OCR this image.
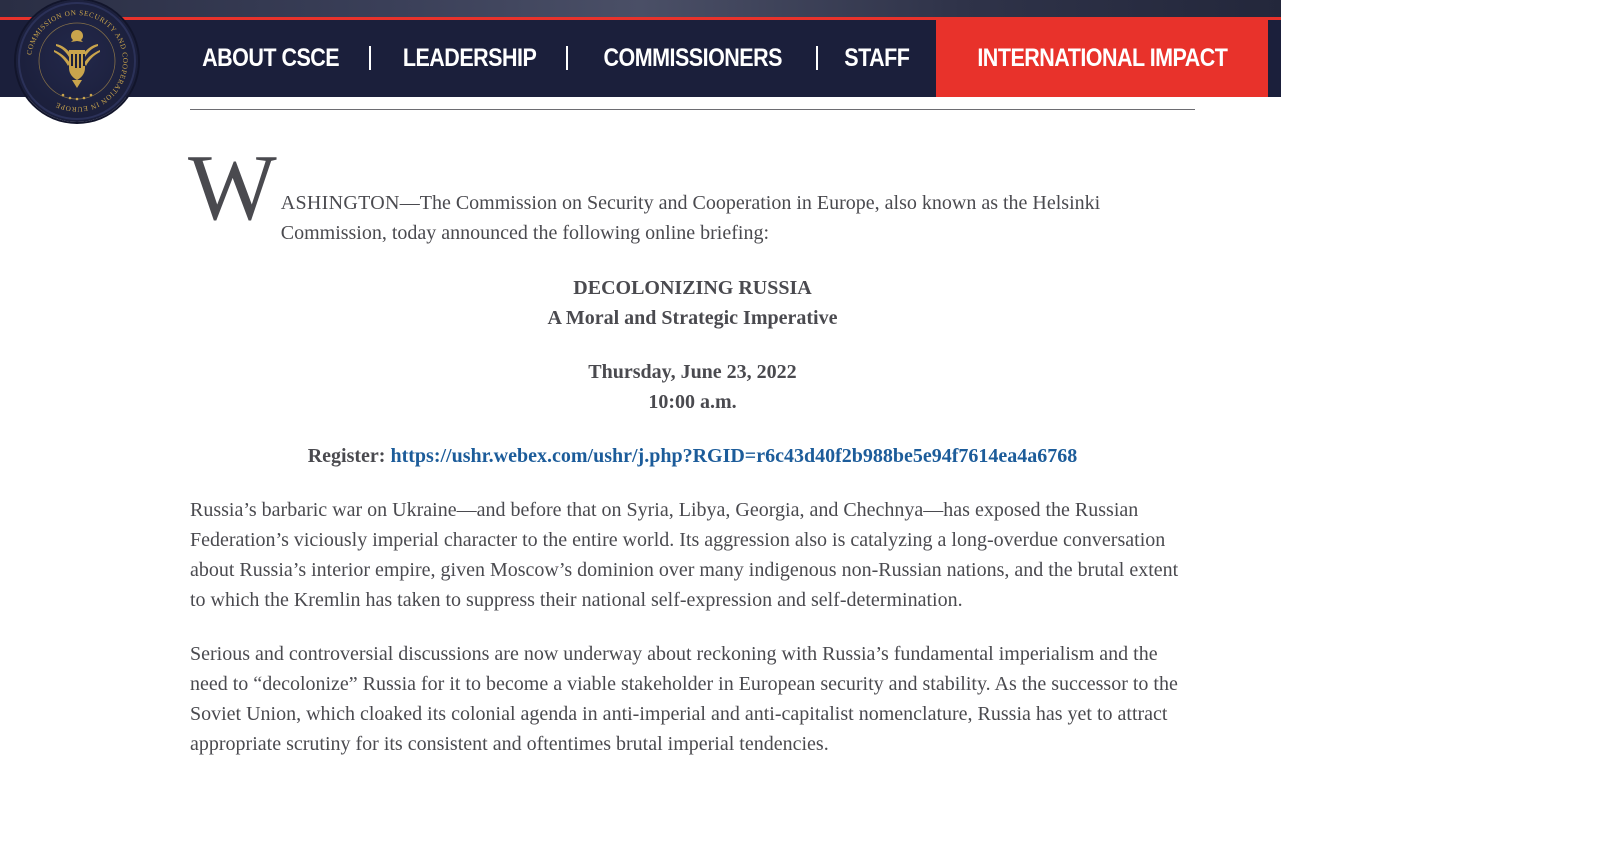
COMMISSION ON SECURITY AND COOPERATION IN EUROPE
ABOUT CSCE	LEADERSHIP	COMMISSIONERS	STAFF	INTERNATIONAL IMPACT	BY COUNTRY	BY ISSUE

W ASHINGTON—The Commission on Security and Cooperation in Europe, also known as the Helsinki Commission, today announced the following online briefing:

DECOLONIZING RUSSIA
A Moral and Strategic Imperative
Thursday, June 23, 2022
10:00 a.m.
Register: https://ushr.webex.com/ushr/j.php?RGID=r6c43d40f2b988be5e94f7614ea4a6768

Russia’s barbaric war on Ukraine—and before that on Syria, Libya, Georgia, and Chechnya—has exposed the Russian Federation’s viciously imperial character to the entire world. Its aggression also is catalyzing a long-overdue conversation about Russia’s interior empire, given Moscow’s dominion over many indigenous non-Russian nations, and the brutal extent to which the Kremlin has taken to suppress their national self-expression and self-determination.

Serious and controversial discussions are now underway about reckoning with Russia’s fundamental imperialism and the need to “decolonize” Russia for it to become a viable stakeholder in European security and stability. As the successor to the Soviet Union, which cloaked its colonial agenda in anti-imperial and anti-capitalist nomenclature, Russia has yet to attract appropriate scrutiny for its consistent and oftentimes brutal imperial tendencies.
